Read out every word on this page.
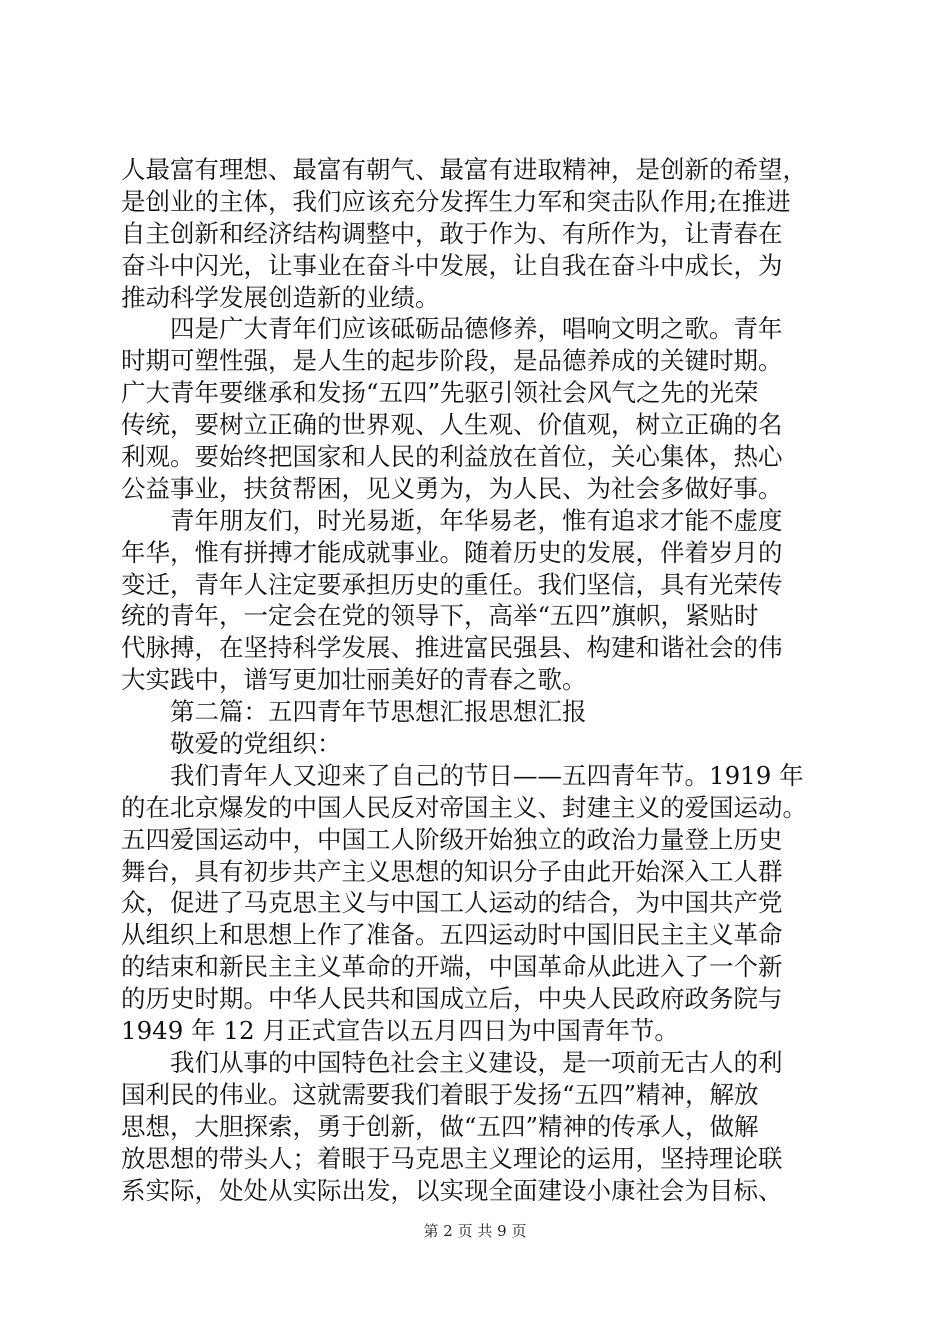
人最富有理想、最富有朝气、最富有进取精神，是创新的希望，
是创业的主体，我们应该充分发挥生力军和突击队作用;在推进
自主创新和经济结构调整中，敢于作为、有所作为，让青春在
奋斗中闪光，让事业在奋斗中发展，让自我在奋斗中成长，为
推动科学发展创造新的业绩。
四是广大青年们应该砥砺品德修养，唱响文明之歌。青年
时期可塑性强，是人生的起步阶段，是品德养成的关键时期。
广大青年要继承和发扬“五四”先驱引领社会风气之先的光荣
传统，要树立正确的世界观、人生观、价值观，树立正确的名
利观。要始终把国家和人民的利益放在首位，关心集体，热心
公益事业，扶贫帮困，见义勇为，为人民、为社会多做好事。
青年朋友们，时光易逝，年华易老，惟有追求才能不虚度
年华，惟有拼搏才能成就事业。随着历史的发展，伴着岁月的
变迁，青年人注定要承担历史的重任。我们坚信，具有光荣传
统的青年，一定会在党的领导下，高举“五四”旗帜，紧贴时
代脉搏，在坚持科学发展、推进富民强县、构建和谐社会的伟
大实践中，谱写更加壮丽美好的青春之歌。
第二篇：五四青年节思想汇报思想汇报
敬爱的党组织：
我们青年人又迎来了自己的节日——五四青年节。1919 年
的在北京爆发的中国人民反对帝国主义、封建主义的爱国运动。
五四爱国运动中，中国工人阶级开始独立的政治力量登上历史
舞台，具有初步共产主义思想的知识分子由此开始深入工人群
众，促进了马克思主义与中国工人运动的结合，为中国共产党
从组织上和思想上作了准备。五四运动时中国旧民主主义革命
的结束和新民主主义革命的开端，中国革命从此进入了一个新
的历史时期。中华人民共和国成立后，中央人民政府政务院与
1949 年 12 月正式宣告以五月四日为中国青年节。
我们从事的中国特色社会主义建设，是一项前无古人的利
国利民的伟业。这就需要我们着眼于发扬“五四”精神，解放
思想，大胆探索，勇于创新，做“五四”精神的传承人，做解
放思想的带头人；着眼于马克思主义理论的运用，坚持理论联
系实际，处处从实际出发，以实现全面建设小康社会为目标、
第 2 页 共 9 页
